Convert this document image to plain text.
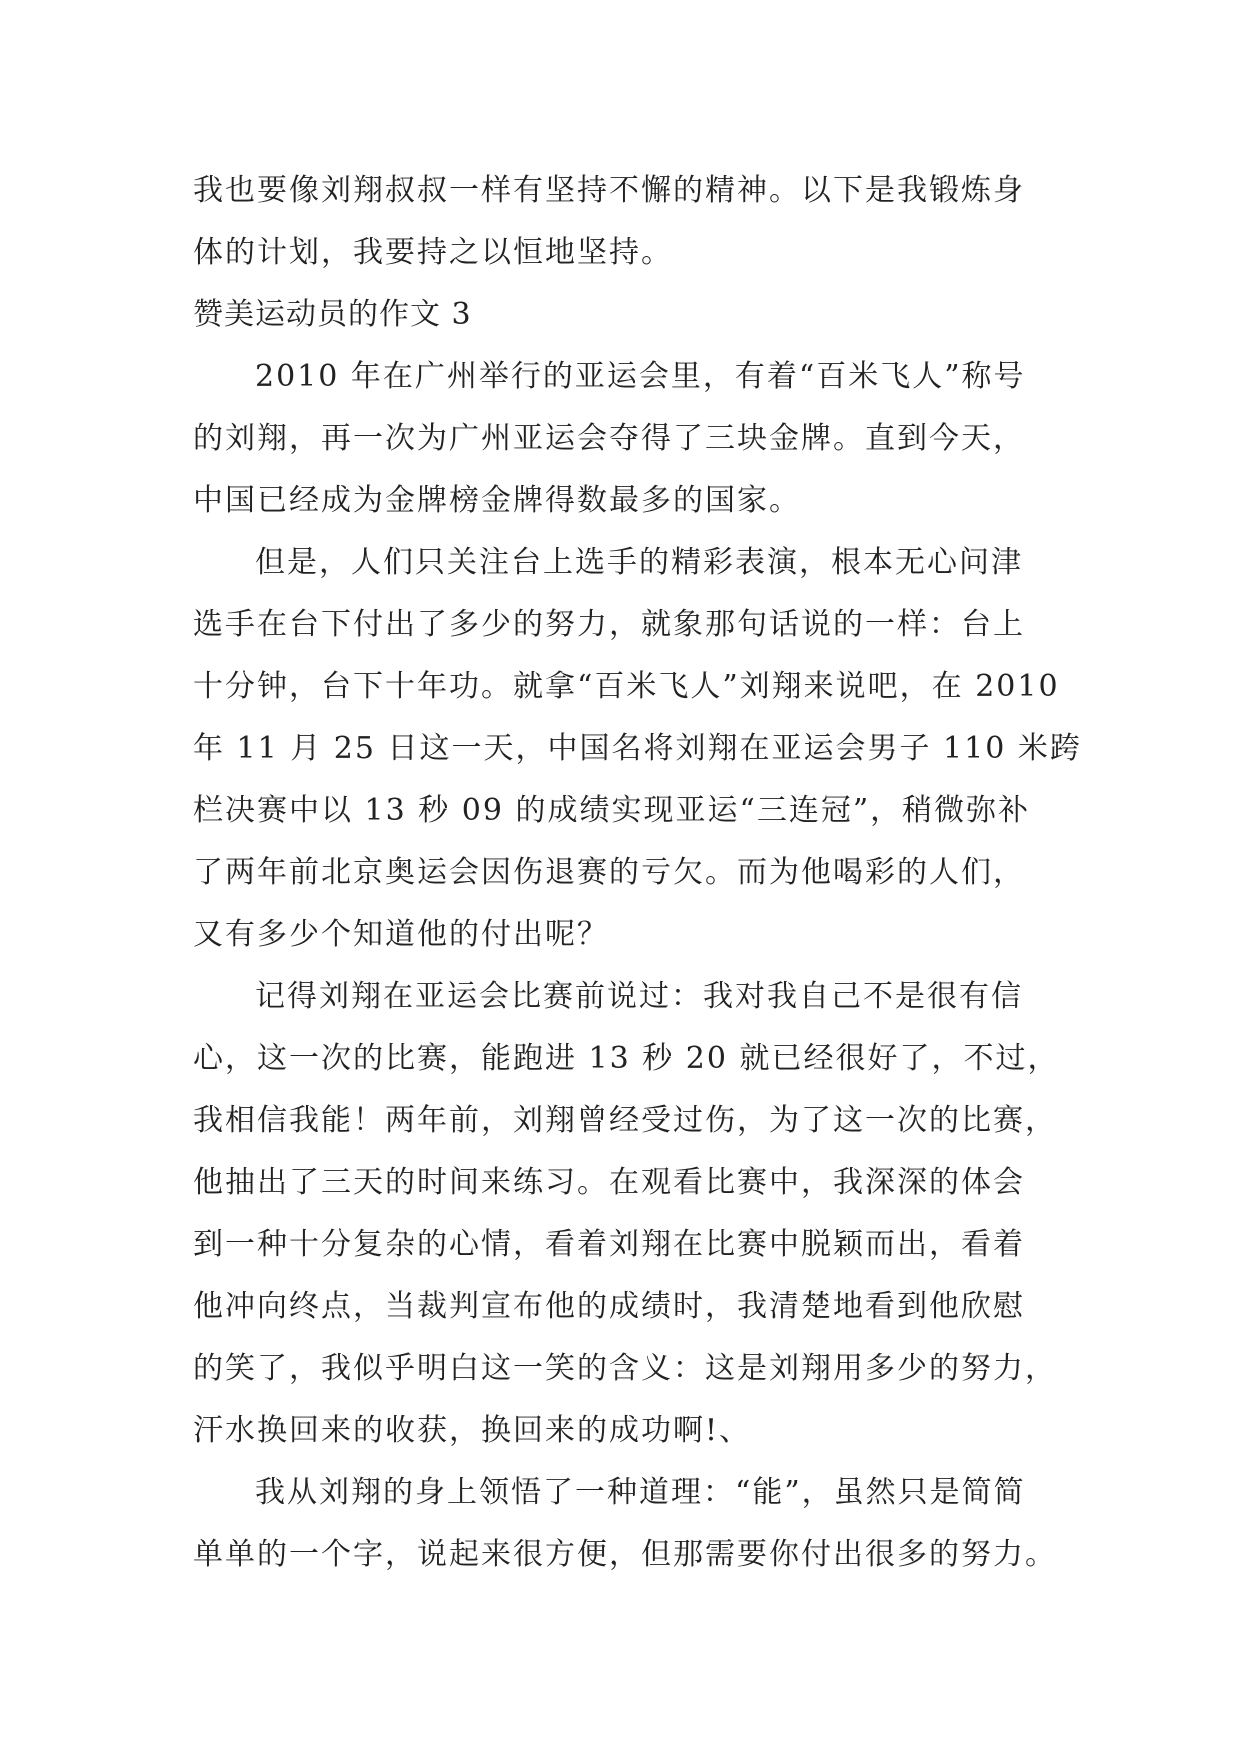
我也要像刘翔叔叔一样有坚持不懈的精神。以下是我锻炼身
体的计划，我要持之以恒地坚持。
赞美运动员的作文 3
2010 年在广州举行的亚运会里，有着“百米飞人”称号
的刘翔，再一次为广州亚运会夺得了三块金牌。直到今天，
中国已经成为金牌榜金牌得数最多的国家。
但是，人们只关注台上选手的精彩表演，根本无心问津
选手在台下付出了多少的努力，就象那句话说的一样：台上
十分钟，台下十年功。就拿“百米飞人”刘翔来说吧，在 2010
年 11 月 25 日这一天，中国名将刘翔在亚运会男子 110 米跨
栏决赛中以 13 秒 09 的成绩实现亚运“三连冠”，稍微弥补
了两年前北京奥运会因伤退赛的亏欠。而为他喝彩的人们，
又有多少个知道他的付出呢？
记得刘翔在亚运会比赛前说过：我对我自己不是很有信
心，这一次的比赛，能跑进 13 秒 20 就已经很好了，不过，
我相信我能！两年前，刘翔曾经受过伤，为了这一次的比赛，
他抽出了三天的时间来练习。在观看比赛中，我深深的体会
到一种十分复杂的心情，看着刘翔在比赛中脱颖而出，看着
他冲向终点，当裁判宣布他的成绩时，我清楚地看到他欣慰
的笑了，我似乎明白这一笑的含义：这是刘翔用多少的努力，
汗水换回来的收获，换回来的成功啊!、
我从刘翔的身上领悟了一种道理：“能”，虽然只是简简
单单的一个字，说起来很方便，但那需要你付出很多的努力。
